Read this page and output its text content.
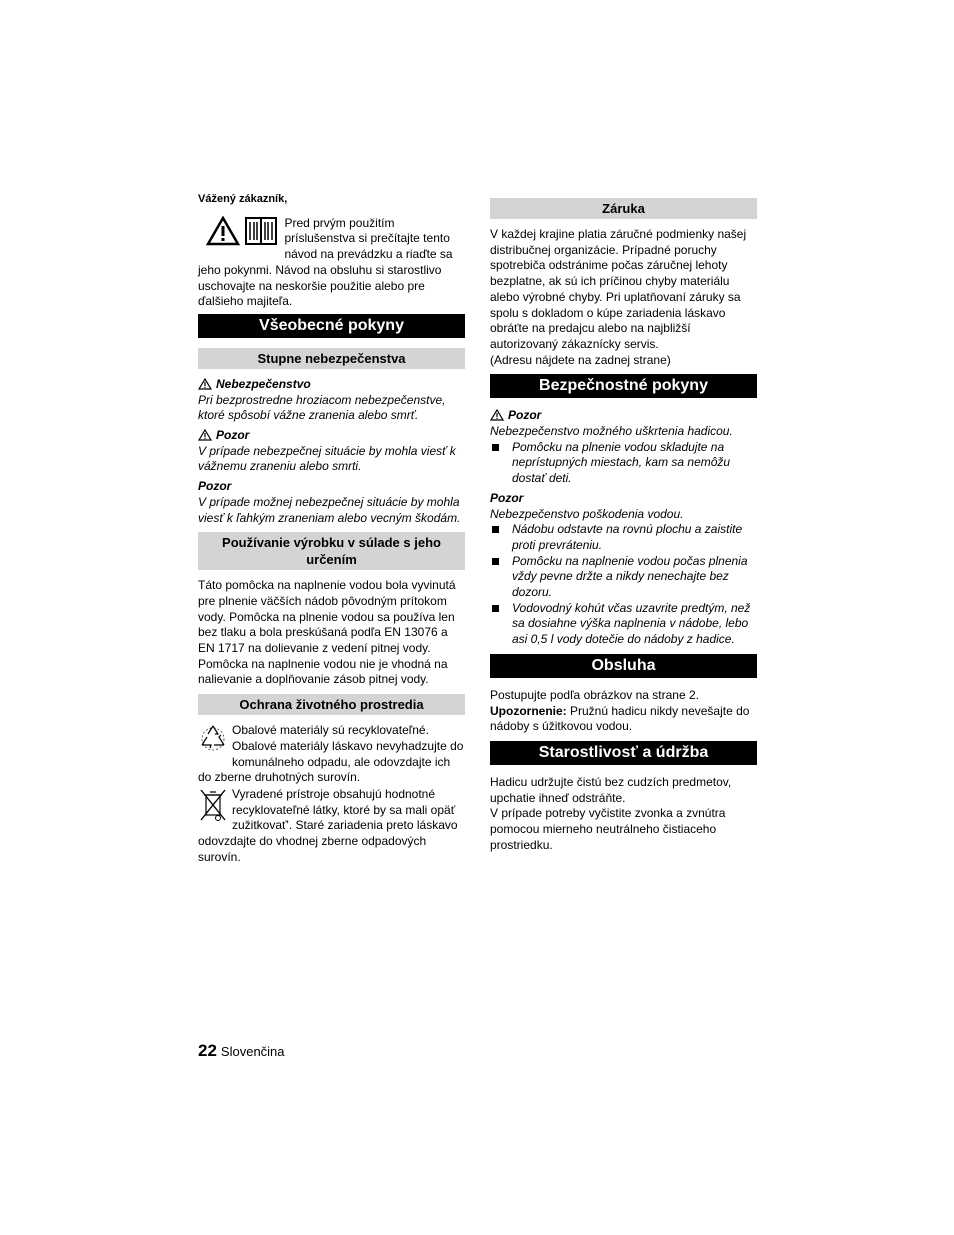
Vážený zákazník,

Pred prvým použitím príslušenstva si prečítajte tento návod na prevádzku a riaďte sa jeho pokynmi. Návod na obsluhu si starostlivo uschovajte na neskoršie použitie alebo pre ďalšieho majiteľa.

Všeobecné pokyny
Stupne nebezpečenstva

Nebezpečenstvo

Pri bezprostredne hroziacom nebezpečenstve, ktoré spôsobí vážne zranenia alebo smrť.

Pozor

V prípade nebezpečnej situácie by mohla viesť k vážnemu zraneniu alebo smrti.

Pozor

V prípade možnej nebezpečnej situácie by mohla viesť k ľahkým zraneniam alebo vecným škodám.

Používanie výrobku v súlade s jeho určením

Táto pomôcka na naplnenie vodou bola vyvinutá pre plnenie väčších nádob pôvodným prítokom vody. Pomôcka na plnenie vodou sa používa len bez tlaku a bola preskúšaná podľa EN 13076 a EN 1717 na dolievanie z vedení pitnej vody. Pomôcka na naplnenie vodou nie je vhodná na nalievanie a doplňovanie zásob pitnej vody.

Ochrana životného prostredia

Obalové materiály sú recyklovateľné. Obalové materiály láskavo nevyhadzujte do komunálneho odpadu, ale odovzdajte ich do zberne druhotných surovín.

Vyradené prístroje obsahujú hodnotné recyklovateľné látky, ktoré by sa mali opäť zužitkovať'. Staré zariadenia preto láskavo odovzdajte do vhodnej zberne odpadových surovín.

Záruka

V každej krajine platia záručné podmienky našej distribučnej organizácie. Prípadné poruchy spotrebiča odstránime počas záručnej lehoty bezplatne, ak sú ich príčinou chyby materiálu alebo výrobné chyby. Pri uplatňovaní záruky sa spolu s dokladom o kúpe zariadenia láskavo obráťte na predajcu alebo na najbližší autorizovaný zákaznícky servis.

(Adresu nájdete na zadnej strane)

Bezpečnostné pokyny

Pozor

Nebezpečenstvo možného uškrtenia hadicou.

Pomôcku na plnenie vodou skladujte na neprístupných miestach, kam sa nemôžu dostať deti.

Pozor

Nebezpečenstvo poškodenia vodou.

Nádobu odstavte na rovnú plochu a zaistite proti prevráteniu.
Pomôcku na naplnenie vodou počas plnenia vždy pevne držte a nikdy nenechajte bez dozoru.
Vodovodný kohút včas uzavrite predtým, než sa dosiahne výška naplnenia v nádobe, lebo asi 0,5 l vody dotečie do nádoby z hadice.
Obsluha

Postupujte podľa obrázkov na strane 2.

Upozornenie: Pružnú hadicu nikdy nevešajte do nádoby s úžitkovou vodou.

Starostlivosť a údržba

Hadicu udržujte čistú bez cudzích predmetov, upchatie ihneď odstráňte.

V prípade potreby vyčistite zvonka a zvnútra pomocou mierneho neutrálneho čistiaceho prostriedku.

22 Slovenčina
